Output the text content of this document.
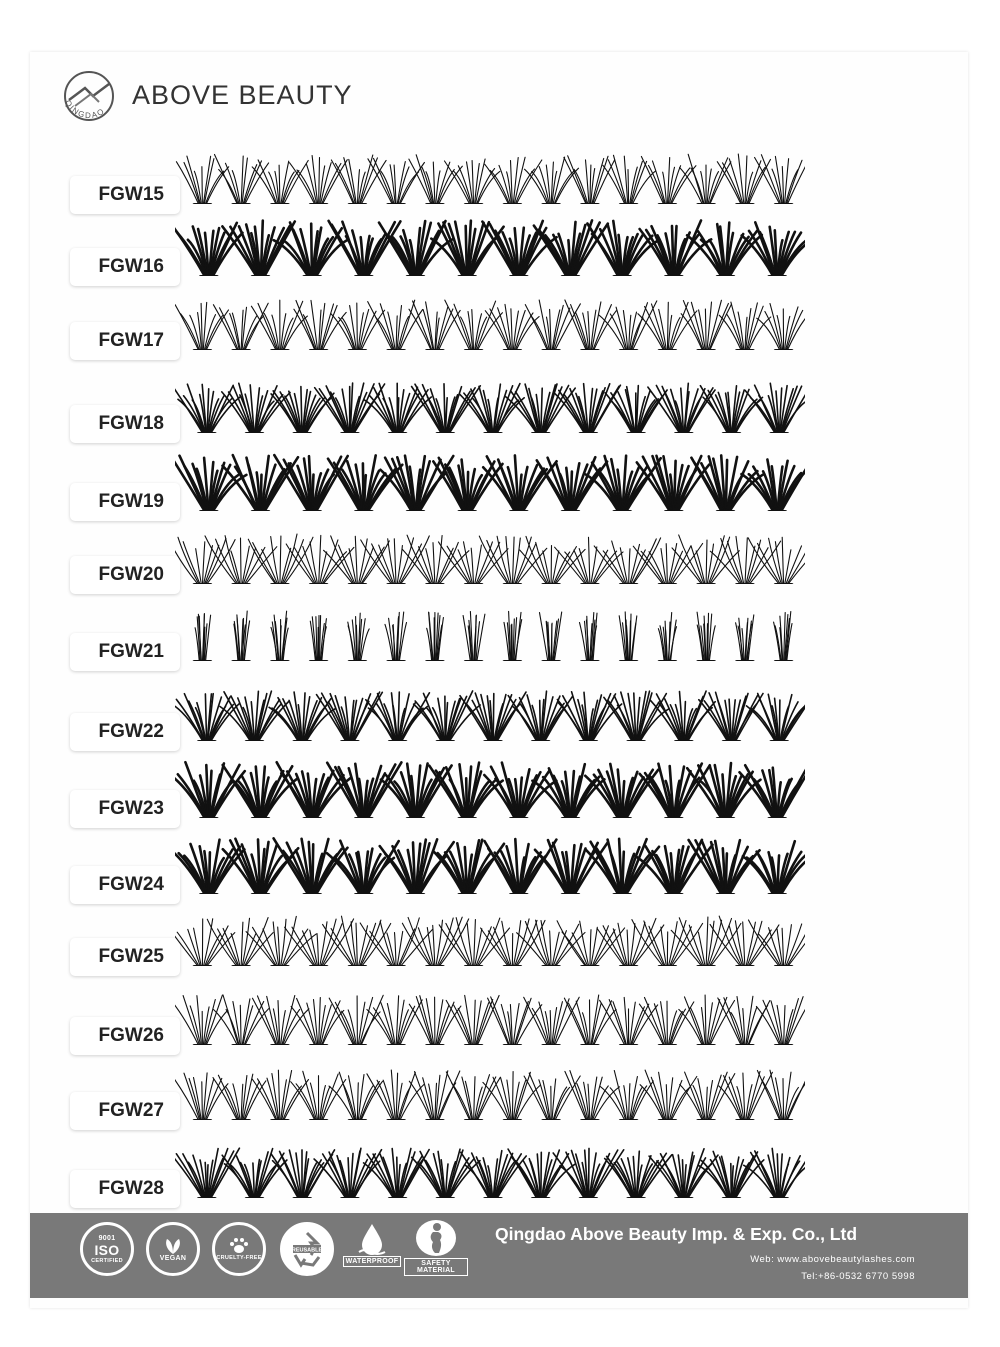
QINGDAO
ABOVE BEAUTY
FGW15
FGW16
FGW17
FGW18
FGW19
FGW20
FGW21
FGW22
FGW23
FGW24
FGW25
FGW26
FGW27
FGW28
9001
ISO
CERTIFIED	VEGAN	CRUELTY-FREE
REUSABLE
WATERPROOF	SAFETY MATERIAL
Qingdao Above Beauty Imp. & Exp. Co., Ltd
Web: www.abovebeautylashes.com
Tel:+86-0532 6770 5998
